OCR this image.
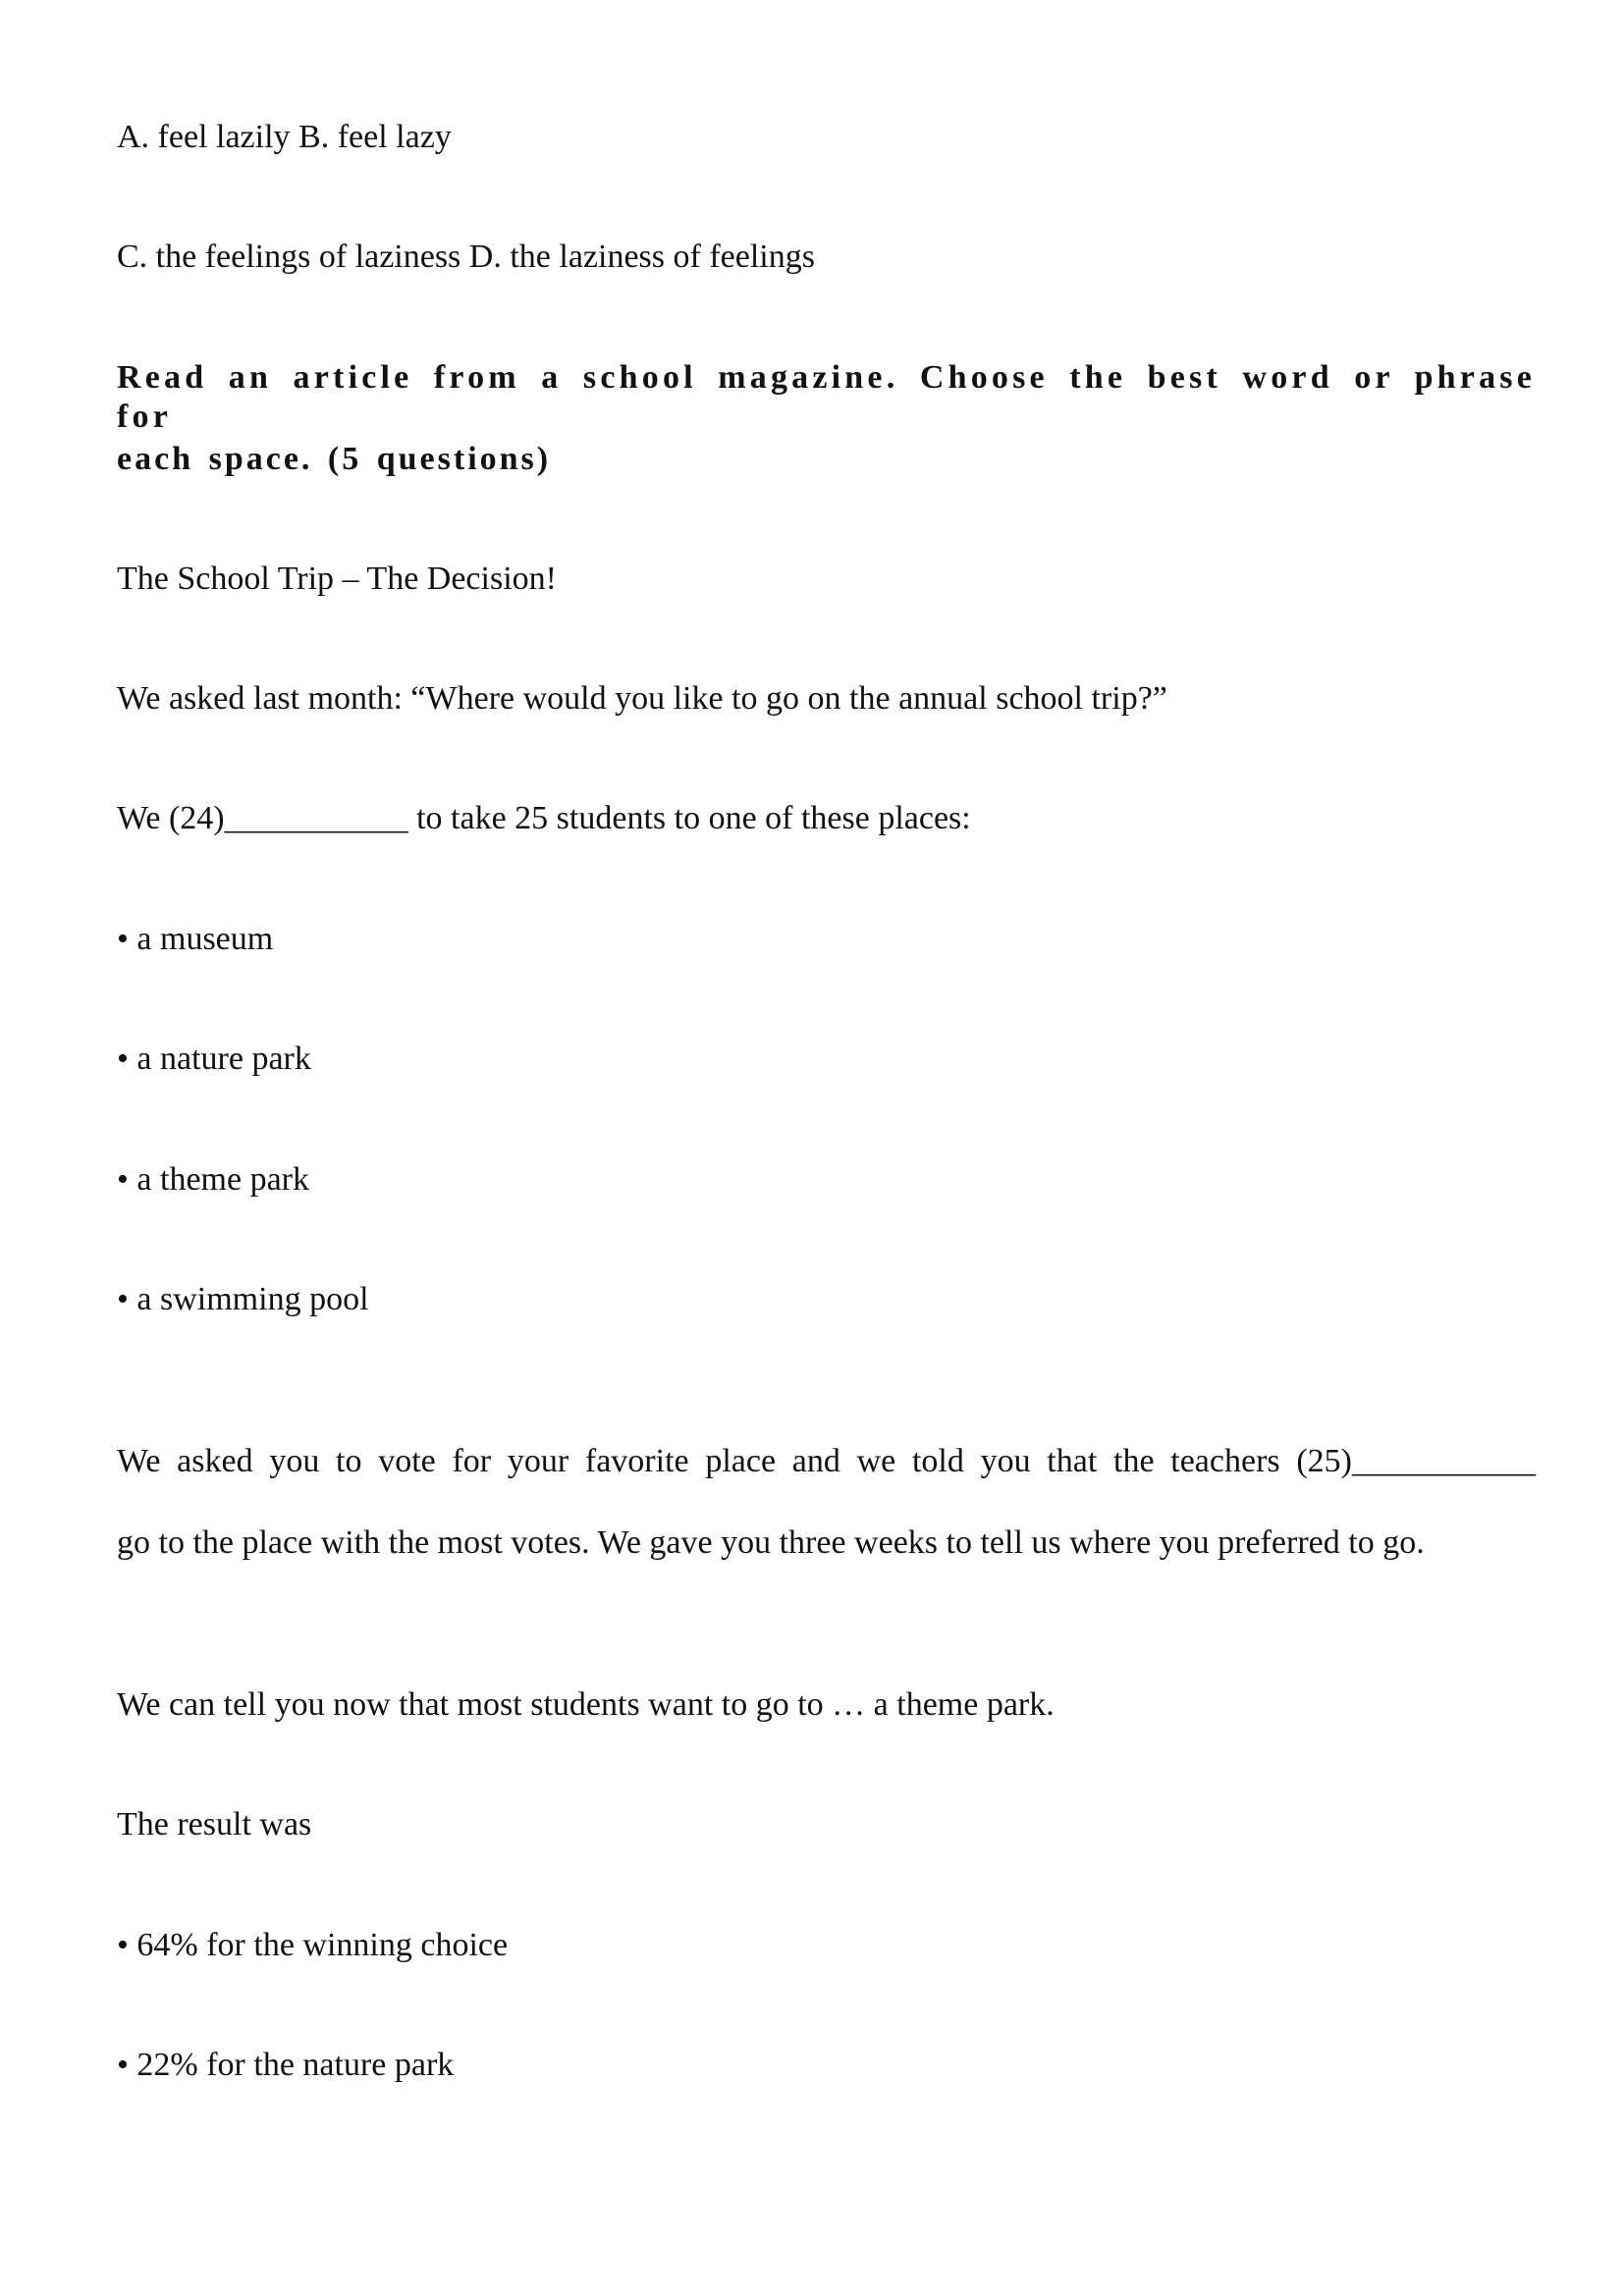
A. feel lazily B. feel lazy
C. the feelings of laziness D. the laziness of feelings
Read an article from a school magazine. Choose the best word or phrase for
each space. (5 questions)
The School Trip – The Decision!
We asked last month: “Where would you like to go on the annual school trip?”
We (24)___________ to take 25 students to one of these places:
• a museum
• a nature park
• a theme park
• a swimming pool
We asked you to vote for your favorite place and we told you that the teachers (25)___________
go to the place with the most votes. We gave you three weeks to tell us where you preferred to go.
We can tell you now that most students want to go to … a theme park.
The result was
• 64% for the winning choice
• 22% for the nature park
